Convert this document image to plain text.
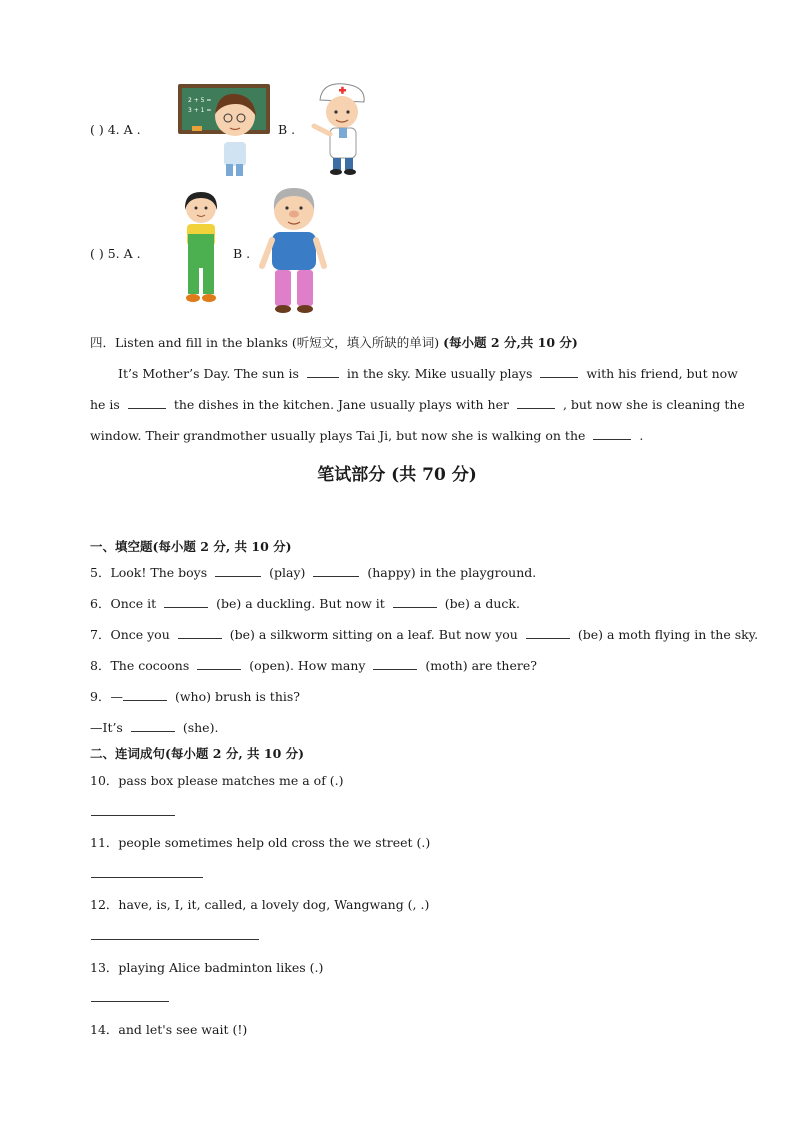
( ) 4. A .
2 + 5 =
3 + 1 =
B .
( ) 5. A .	B .
四．Listen and fill in the blanks (听短文，填入所缺的单词) (每小题 2 分,共 10 分)
It’s Mother’s Day. The sun is	in the sky. Mike usually plays	with his friend, but now
he is	the dishes in the kitchen. Jane usually plays with her	, but now she is cleaning the
window. Their grandmother usually plays Tai Ji, but now she is walking on the	.
笔试部分 (共 70 分)
一、填空题(每小题 2 分, 共 10 分)
5．Look! The boys	(play)	(happy) in the playground.
6．Once it	(be) a duckling. But now it	(be) a duck.
7．Once you	(be) a silkworm sitting on a leaf. But now you	(be) a moth flying in the sky.
8．The cocoons	(open). How many	(moth) are there?
9．—	(who) brush is this?
—It’s	(she).
二、连词成句(每小题 2 分, 共 10 分)
10．pass box please matches me a of (.)
11．people sometimes help old cross the we street (.)
12．have, is, I, it, called, a lovely dog, Wangwang (, .)
13．playing Alice badminton likes (.)
14．and let's see wait (!)
